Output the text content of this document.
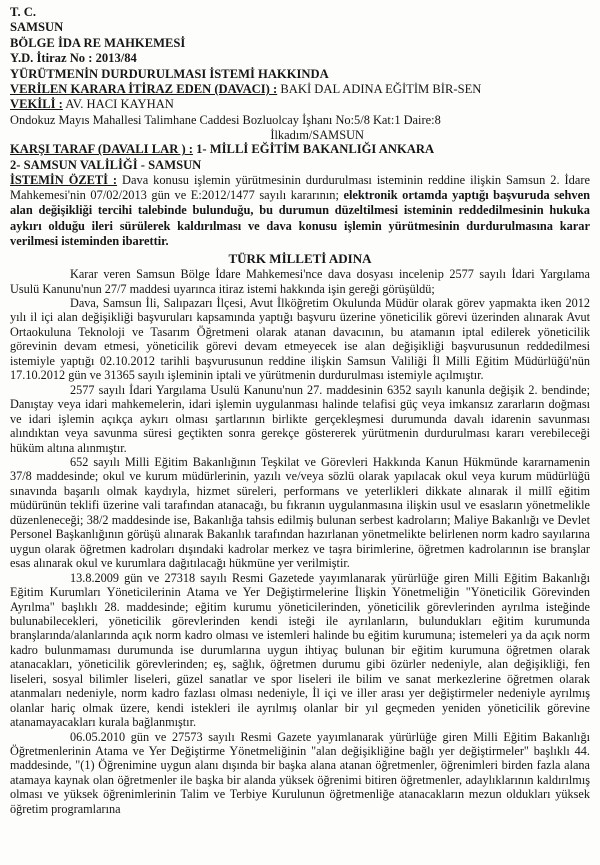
T. C.
SAMSUN
BÖLGE İDA RE MAHKEMESİ
Y.D. İtiraz No : 2013/84
YÜRÜTMENİN DURDURULMASI İSTEMİ HAKKINDA
VERİLEN KARARA İTİRAZ EDEN (DAVACI) : BAKİ DAL ADINA EĞİTİM BİR-SEN
VEKİLİ : AV. HACI KAYHAN
Ondokuz Mayıs Mahallesi Talimhane Caddesi Bozluolcay İşhanı No:5/8 Kat:1 Daire:8
İlkadım/SAMSUN
KARŞI TARAF (DAVALI LAR ) : 1- MİLLİ EĞİTİM BAKANLIĞI ANKARA
2- SAMSUN VALİLİĞİ - SAMSUN
İSTEMİN ÖZETİ : Dava konusu işlemin yürütmesinin durdurulması isteminin reddine ilişkin Samsun 2. İdare Mahkemesi'nin 07/02/2013 gün ve E:2012/1477 sayılı kararının; elektronik ortamda yaptığı başvuruda sehven alan değişikliği tercihi talebinde bulunduğu, bu durumun düzeltilmesi isteminin reddedilmesinin hukuka aykırı olduğu ileri sürülerek kaldırılması ve dava konusu işlemin yürütmesinin durdurulmasına karar verilmesi isteminden ibarettir.
TÜRK MİLLETİ ADINA

Karar veren Samsun Bölge İdare Mahkemesi'nce dava dosyası incelenip 2577 sayılı İdari Yargılama Usulü Kanunu'nun 27/7 maddesi uyarınca itiraz istemi hakkında işin gereği görüşüldü;

Dava, Samsun İli, Salıpazarı İlçesi, Avut İlköğretim Okulunda Müdür olarak görev yapmakta iken 2012 yılı il içi alan değişikliği başvuruları kapsamında yaptığı başvuru üzerine yöneticilik görevi üzerinden alınarak Avut Ortaokuluna Teknoloji ve Tasarım Öğretmeni olarak atanan davacının, bu atamanın iptal edilerek yöneticilik görevinin devam etmesi, yöneticilik görevi devam etmeyecek ise alan değişikliği başvurusunun reddedilmesi istemiyle yaptığı 02.10.2012 tarihli başvurusunun reddine ilişkin Samsun Valiliği İl Milli Eğitim Müdürlüğü'nün 17.10.2012 gün ve 31365 sayılı işleminin iptali ve yürütmenin durdurulması istemiyle açılmıştır.

2577 sayılı İdari Yargılama Usulü Kanunu'nun 27. maddesinin 6352 sayılı kanunla değişik 2. bendinde; Danıştay veya idari mahkemelerin, idari işlemin uygulanması halinde telafisi güç veya imkansız zararların doğması ve idari işlemin açıkça aykırı olması şartlarının birlikte gerçekleşmesi durumunda davalı idarenin savunması alındıktan veya savunma süresi geçtikten sonra gerekçe göstererek yürütmenin durdurulması kararı verebileceği hüküm altına alınmıştır.

652 sayılı Milli Eğitim Bakanlığının Teşkilat ve Görevleri Hakkında Kanun Hükmünde kararnamenin 37/8 maddesinde; okul ve kurum müdürlerinin, yazılı ve/veya sözlü olarak yapılacak okul veya kurum müdürlüğü sınavında başarılı olmak kaydıyla, hizmet süreleri, performans ve yeterlikleri dikkate alınarak il millî eğitim müdürünün teklifi üzerine vali tarafından atanacağı, bu fıkranın uygulanmasına ilişkin usul ve esasların yönetmelikle düzenleneceği; 38/2 maddesinde ise, Bakanlığa tahsis edilmiş bulunan serbest kadroların; Maliye Bakanlığı ve Devlet Personel Başkanlığının görüşü alınarak Bakanlık tarafından hazırlanan yönetmelikte belirlenen norm kadro sayılarına uygun olarak öğretmen kadroları dışındaki kadrolar merkez ve taşra birimlerine, öğretmen kadrolarının ise branşlar esas alınarak okul ve kurumlara dağıtılacağı hükmüne yer verilmiştir.

13.8.2009 gün ve 27318 sayılı Resmi Gazetede yayımlanarak yürürlüğe giren Milli Eğitim Bakanlığı Eğitim Kurumları Yöneticilerinin Atama ve Yer Değiştirmelerine İlişkin Yönetmeliğin "Yöneticilik Görevinden Ayrılma" başlıklı 28. maddesinde; eğitim kurumu yöneticilerinden, yöneticilik görevlerinden ayrılma isteğinde bulunabilecekleri, yöneticilik görevlerinden kendi isteği ile ayrılanların, bulundukları eğitim kurumunda branşlarında/alanlarında açık norm kadro olması ve istemleri halinde bu eğitim kurumuna; istemeleri ya da açık norm kadro bulunmaması durumunda ise durumlarına uygun ihtiyaç bulunan bir eğitim kurumuna öğretmen olarak atanacakları, yöneticilik görevlerinden; eş, sağlık, öğretmen durumu gibi özürler nedeniyle, alan değişikliği, fen liseleri, sosyal bilimler liseleri, güzel sanatlar ve spor liseleri ile bilim ve sanat merkezlerine öğretmen olarak atanmaları nedeniyle, norm kadro fazlası olması nedeniyle, İl içi ve iller arası yer değiştirmeler nedeniyle ayrılmış olanlar hariç olmak üzere, kendi istekleri ile ayrılmış olanlar bir yıl geçmeden yeniden yöneticilik görevine atanamayacakları kurala bağlanmıştır.

06.05.2010 gün ve 27573 sayılı Resmi Gazete yayımlanarak yürürlüğe giren Milli Eğitim Bakanlığı Öğretmenlerinin Atama ve Yer Değiştirme Yönetmeliğinin "alan değişikliğine bağlı yer değiştirmeler" başlıklı 44. maddesinde, "(1) Öğrenimine uygun alanı dışında bir başka alana atanan öğretmenler, öğrenimleri birden fazla alana atamaya kaynak olan öğretmenler ile başka bir alanda yüksek öğrenimi bitiren öğretmenler, adaylıklarının kaldırılmış olması ve yüksek öğrenimlerinin Talim ve Terbiye Kurulunun öğretmenliğe atanacakların mezun oldukları yüksek öğretim programlarına
